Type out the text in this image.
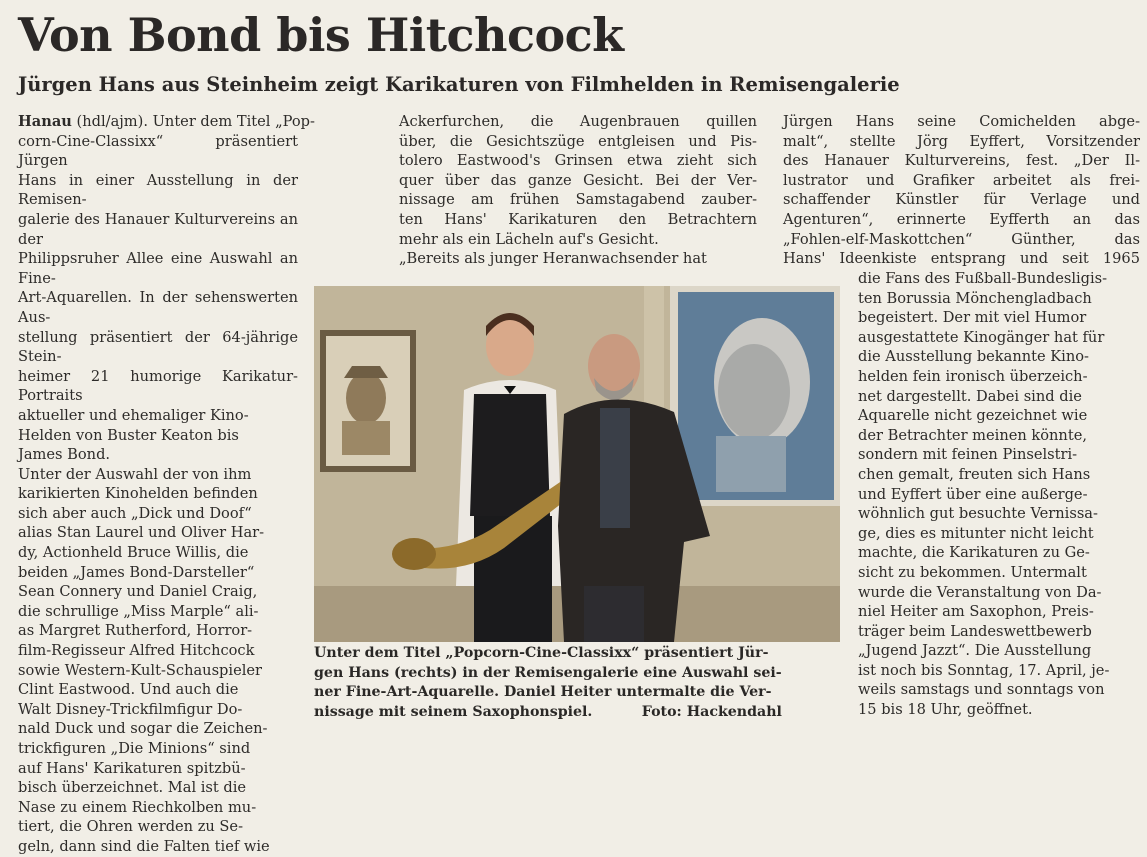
Von Bond bis Hitchcock
Jürgen Hans aus Steinheim zeigt Karikaturen von Filmhelden in Remisengalerie
Hanau (hdl/ajm). Unter dem Titel „Pop-
corn-Cine-Classixx“ präsentiert Jürgen
Hans in einer Ausstellung in der Remisen-
galerie des Hanauer Kulturvereins an der
Philippsruher Allee eine Auswahl an Fine-
Art-Aquarellen. In der sehenswerten Aus-
stellung präsentiert der 64-jährige Stein-
heimer 21 humorige Karikatur-Portraits
aktueller und ehemaliger Kino-
Helden von Buster Keaton bis
James Bond.
Unter der Auswahl der von ihm
karikierten Kinohelden befinden
sich aber auch „Dick und Doof“
alias Stan Laurel und Oliver Har-
dy, Actionheld Bruce Willis, die
beiden „James Bond-Darsteller“
Sean Connery und Daniel Craig,
die schrullige „Miss Marple“ ali-
as Margret Rutherford, Horror-
film-Regisseur Alfred Hitchcock
sowie Western-Kult-Schauspieler
Clint Eastwood. Und auch die
Walt Disney-Trickfilmfigur Do-
nald Duck und sogar die Zeichen-
trickfiguren „Die Minions“ sind
auf Hans' Karikaturen spitzbü-
bisch überzeichnet. Mal ist die
Nase zu einem Riechkolben mu-
tiert, die Ohren werden zu Se-
geln, dann sind die Falten tief wie
Ackerfurchen, die Augenbrauen quillen
über, die Gesichtszüge entgleisen und Pis-
tolero Eastwood's Grinsen etwa zieht sich
quer über das ganze Gesicht. Bei der Ver-
nissage am frühen Samstagabend zauber-
ten Hans' Karikaturen den Betrachtern
mehr als ein Lächeln auf's Gesicht.
„Bereits als junger Heranwachsender hat
Jürgen Hans seine Comichelden abge-
malt“, stellte Jörg Eyffert, Vorsitzender
des Hanauer Kulturvereins, fest. „Der Il-
lustrator und Grafiker arbeitet als frei-
schaffender Künstler für Verlage und
Agenturen“, erinnerte Eyfferth an das
„Fohlen-elf-Maskottchen“ Günther, das
Hans' Ideenkiste entsprang und seit 1965
die Fans des Fußball-Bundesligis-
ten Borussia Mönchengladbach
begeistert. Der mit viel Humor
ausgestattete Kinogänger hat für
die Ausstellung bekannte Kino-
helden fein ironisch überzeich-
net dargestellt. Dabei sind die
Aquarelle nicht gezeichnet wie
der Betrachter meinen könnte,
sondern mit feinen Pinselstri-
chen gemalt, freuten sich Hans
und Eyffert über eine außerge-
wöhnlich gut besuchte Vernissa-
ge, dies es mitunter nicht leicht
machte, die Karikaturen zu Ge-
sicht zu bekommen. Untermalt
wurde die Veranstaltung von Da-
niel Heiter am Saxophon, Preis-
träger beim Landeswettbewerb
„Jugend Jazzt“. Die Ausstellung
ist noch bis Sonntag, 17. April, je-
weils samstags und sonntags von
15 bis 18 Uhr, geöffnet.
Unter dem Titel „Popcorn-Cine-Classixx“ präsentiert Jür-
gen Hans (rechts) in der Remisengalerie eine Auswahl sei-
ner Fine-Art-Aquarelle. Daniel Heiter untermalte die Ver-
nissage mit seinem Saxophonspiel.          Foto: Hackendahl
